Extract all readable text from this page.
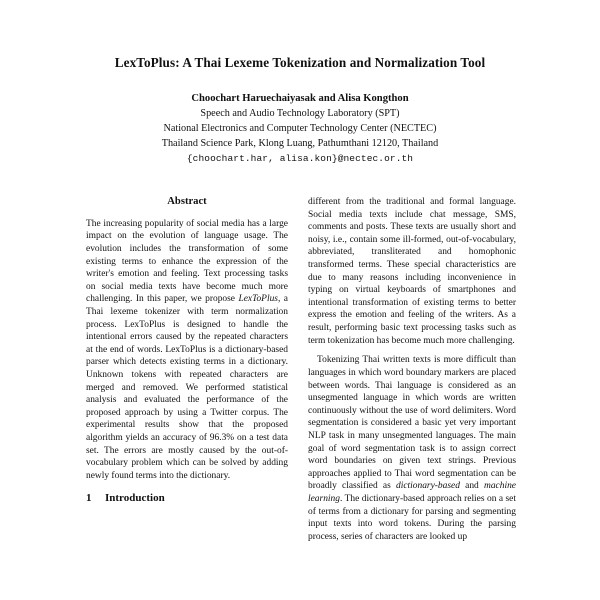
LexToPlus: A Thai Lexeme Tokenization and Normalization Tool

Choochart Haruechaiyasak and Alisa Kongthon

Speech and Audio Technology Laboratory (SPT)

National Electronics and Computer Technology Center (NECTEC)

Thailand Science Park, Klong Luang, Pathumthani 12120, Thailand

{choochart.har, alisa.kon}@nectec.or.th

Abstract

The increasing popularity of social media has a large impact on the evolution of language usage. The evolution includes the transformation of some existing terms to enhance the expression of the writer's emotion and feeling. Text processing tasks on social media texts have become much more challenging. In this paper, we propose LexToPlus, a Thai lexeme tokenizer with term normalization process. LexToPlus is designed to handle the intentional errors caused by the repeated characters at the end of words. LexToPlus is a dictionary-based parser which detects existing terms in a dictionary. Unknown tokens with repeated characters are merged and removed. We performed statistical analysis and evaluated the performance of the proposed approach by using a Twitter corpus. The experimental results show that the proposed algorithm yields an accuracy of 96.3% on a test data set. The errors are mostly caused by the out-of-vocabulary problem which can be solved by adding newly found terms into the dictionary.

1	Introduction

different from the traditional and formal language. Social media texts include chat message, SMS, comments and posts. These texts are usually short and noisy, i.e., contain some ill-formed, out-of-vocabulary, abbreviated, transliterated and homophonic transformed terms. These special characteristics are due to many reasons including inconvenience in typing on virtual keyboards of smartphones and intentional transformation of existing terms to better express the emotion and feeling of the writers. As a result, performing basic text processing tasks such as term tokenization has become much more challenging.

Tokenizing Thai written texts is more difficult than languages in which word boundary markers are placed between words. Thai language is considered as an unsegmented language in which words are written continuously without the use of word delimiters. Word segmentation is considered a basic yet very important NLP task in many unsegmented languages. The main goal of word segmentation task is to assign correct word boundaries on given text strings. Previous approaches applied to Thai word segmentation can be broadly classified as dictionary-based and machine learning. The dictionary-based approach relies on a set of terms from a dictionary for parsing and segmenting input texts into word tokens. During the parsing process, series of characters are looked up
